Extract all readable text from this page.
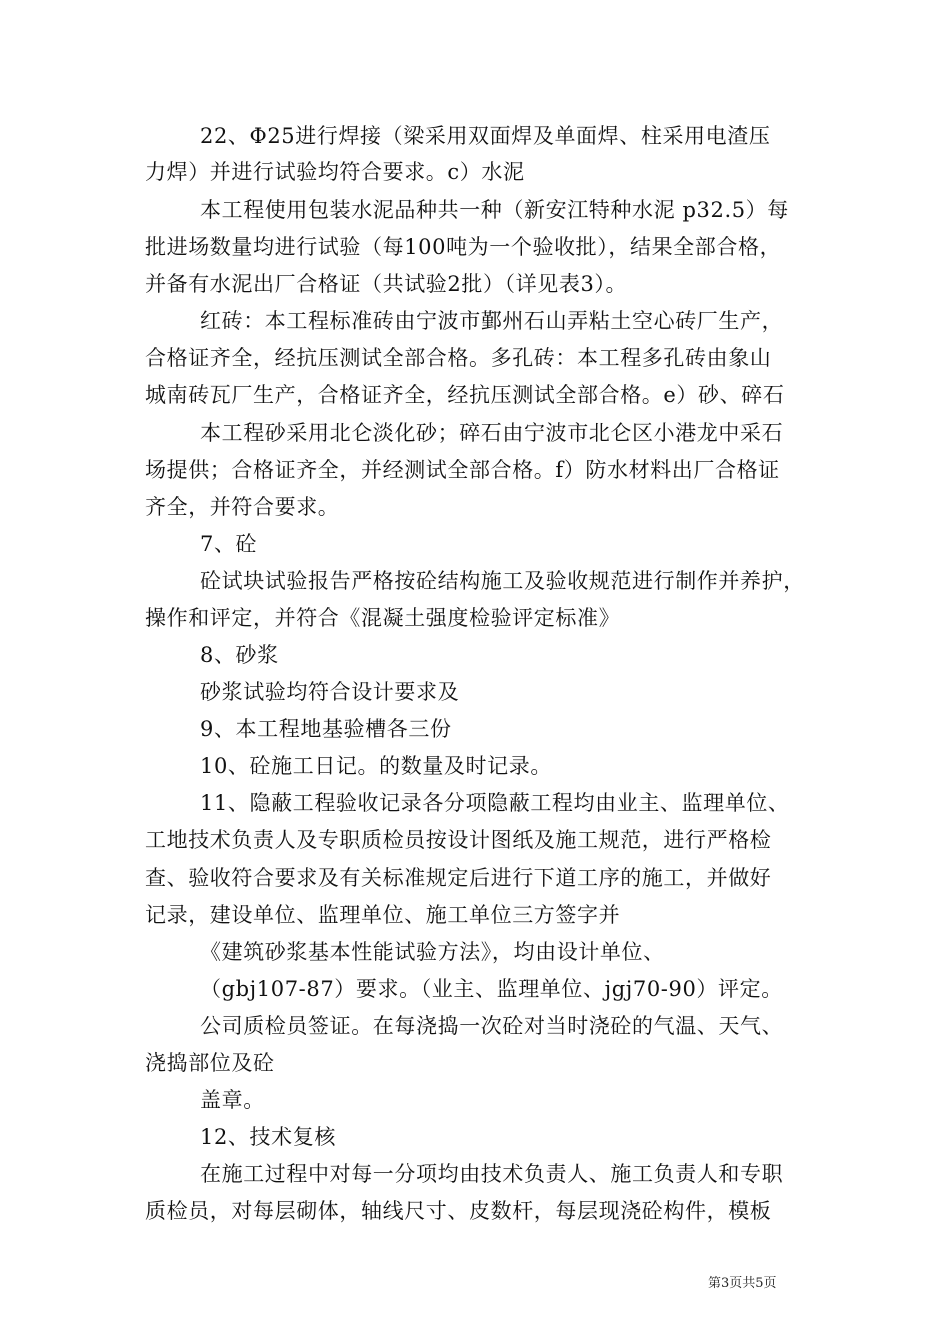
22、Φ25进行焊接（梁采用双面焊及单面焊、柱采用电渣压
力焊）并进行试验均符合要求。c）水泥
本工程使用包装水泥品种共一种（新安江特种水泥 p32.5）每
批进场数量均进行试验（每100吨为一个验收批），结果全部合格，
并备有水泥出厂合格证（共试验2批）（详见表3）。
红砖：本工程标准砖由宁波市鄞州石山弄粘土空心砖厂生产，
合格证齐全，经抗压测试全部合格。多孔砖：本工程多孔砖由象山
城南砖瓦厂生产，合格证齐全，经抗压测试全部合格。e）砂、碎石
本工程砂采用北仑淡化砂；碎石由宁波市北仑区小港龙中采石
场提供；合格证齐全，并经测试全部合格。f）防水材料出厂合格证
齐全，并符合要求。
7、砼
砼试块试验报告严格按砼结构施工及验收规范进行制作并养护，
操作和评定，并符合《混凝土强度检验评定标准》
8、砂浆
砂浆试验均符合设计要求及
9、本工程地基验槽各三份
10、砼施工日记。的数量及时记录。
11、隐蔽工程验收记录各分项隐蔽工程均由业主、监理单位、
工地技术负责人及专职质检员按设计图纸及施工规范，进行严格检
查、验收符合要求及有关标准规定后进行下道工序的施工，并做好
记录，建设单位、监理单位、施工单位三方签字并
《建筑砂浆基本性能试验方法》，均由设计单位、
（gbj107-87）要求。（业主、监理单位、jgj70-90）评定。
公司质检员签证。在每浇捣一次砼对当时浇砼的气温、天气、
浇捣部位及砼
盖章。
12、技术复核
在施工过程中对每一分项均由技术负责人、施工负责人和专职
质检员，对每层砌体，轴线尺寸、皮数杆，每层现浇砼构件，模板
第3页共5页
